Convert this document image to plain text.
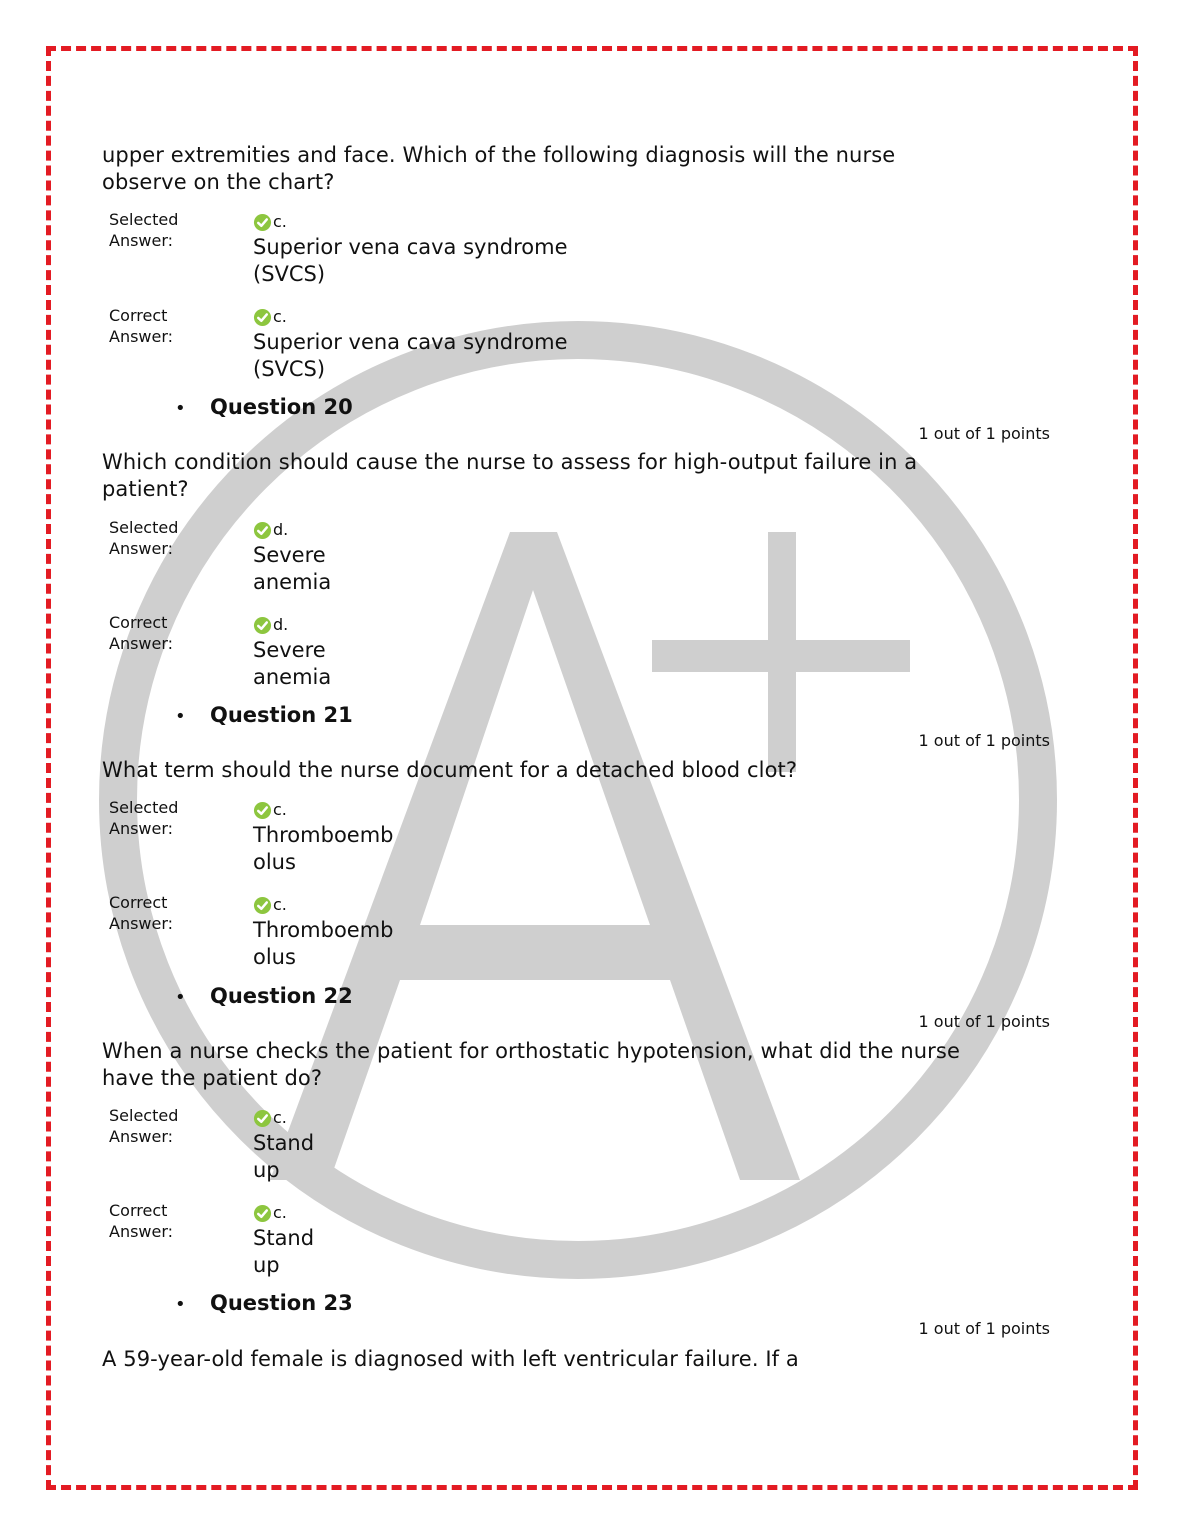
upper extremities and face. Which of the following diagnosis will the nurse observe on the chart?
Selected Answer:
c.
Superior vena cava syndrome (SVCS)
Correct Answer:
c.
Superior vena cava syndrome (SVCS)
• Question 20
1 out of 1 points
Which condition should cause the nurse to assess for high-output failure in a patient?
Selected Answer:
d.
Severe anemia
Correct Answer:
d.
Severe anemia
• Question 21
1 out of 1 points
What term should the nurse document for a detached blood clot?
Selected Answer:
c.
Thromboembolus
Correct Answer:
c.
Thromboembolus
• Question 22
1 out of 1 points
When a nurse checks the patient for orthostatic hypotension, what did the nurse have the patient do?
Selected Answer:
c.
Stand up
Correct Answer:
c.
Stand up
• Question 23
1 out of 1 points
A 59-year-old female is diagnosed with left ventricular failure. If a
